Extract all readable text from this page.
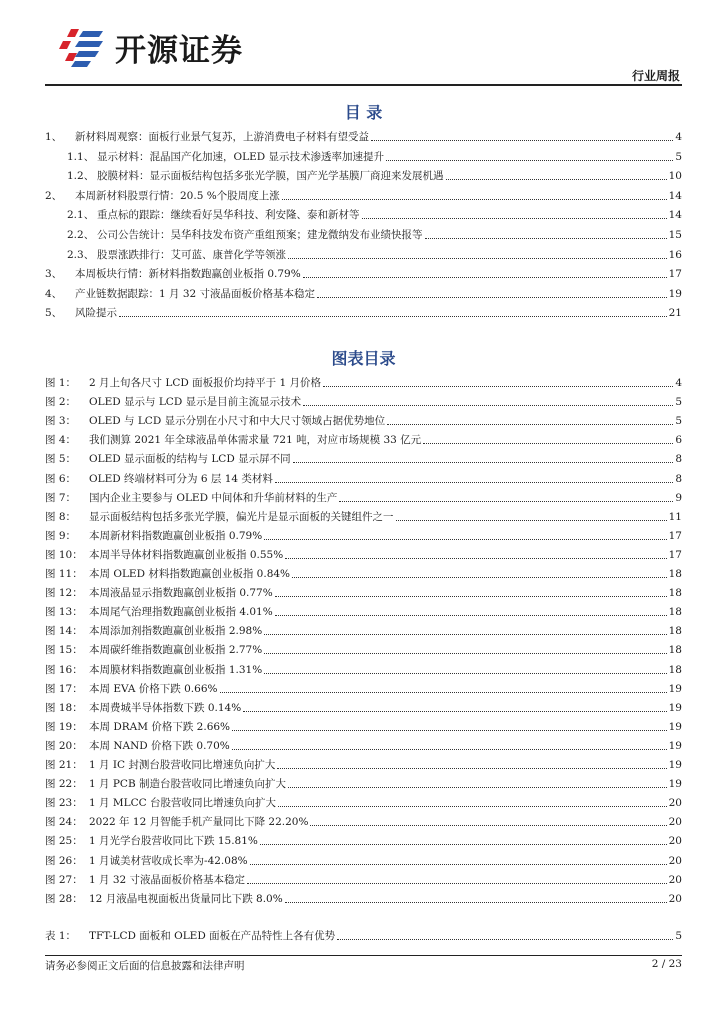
开源证券
行业周报
目 录
1、	新材料周观察：面板行业景气复苏，上游消费电子材料有望受益	4
1.1、 显示材料：混晶国产化加速，OLED 显示技术渗透率加速提升	5
1.2、 胶膜材料：显示面板结构包括多张光学膜，国产光学基膜厂商迎来发展机遇	10
2、	本周新材料股票行情：20.5 %个股周度上涨	14
2.1、 重点标的跟踪：继续看好昊华科技、利安隆、泰和新材等	14
2.2、 公司公告统计：昊华科技发布资产重组预案；建龙微纳发布业绩快报等	15
2.3、 股票涨跌排行：艾可蓝、康普化学等领涨	16
3、	本周板块行情：新材料指数跑赢创业板指 0.79%	17
4、	产业链数据跟踪：1 月 32 寸液晶面板价格基本稳定	19
5、	风险提示	21
图表目录
图 1：	2 月上旬各尺寸 LCD 面板报价均持平于 1 月价格	4
图 2：	OLED 显示与 LCD 显示是目前主流显示技术	5
图 3：	OLED 与 LCD 显示分别在小尺寸和中大尺寸领域占据优势地位	5
图 4：	我们测算 2021 年全球液晶单体需求量 721 吨，对应市场规模 33 亿元	6
图 5：	OLED 显示面板的结构与 LCD 显示屏不同	8
图 6：	OLED 终端材料可分为 6 层 14 类材料	8
图 7：	国内企业主要参与 OLED 中间体和升华前材料的生产	9
图 8：	显示面板结构包括多张光学膜，偏光片是显示面板的关键组件之一	11
图 9：	本周新材料指数跑赢创业板指 0.79%	17
图 10： 本周半导体材料指数跑赢创业板指 0.55%	17
图 11： 本周 OLED 材料指数跑赢创业板指 0.84%	18
图 12： 本周液晶显示指数跑赢创业板指 0.77%	18
图 13： 本周尾气治理指数跑赢创业板指 4.01%	18
图 14： 本周添加剂指数跑赢创业板指 2.98%	18
图 15： 本周碳纤维指数跑赢创业板指 2.77%	18
图 16： 本周膜材料指数跑赢创业板指 1.31%	18
图 17： 本周 EVA 价格下跌 0.66%	19
图 18： 本周费城半导体指数下跌 0.14%	19
图 19： 本周 DRAM 价格下跌 2.66%	19
图 20： 本周 NAND 价格下跌 0.70%	19
图 21： 1 月 IC 封测台股营收同比增速负向扩大	19
图 22： 1 月 PCB 制造台股营收同比增速负向扩大	19
图 23： 1 月 MLCC 台股营收同比增速负向扩大	20
图 24： 2022 年 12 月智能手机产量同比下降 22.20%	20
图 25： 1 月光学台股营收同比下跌 15.81%	20
图 26： 1 月诚美材营收成长率为-42.08%	20
图 27： 1 月 32 寸液晶面板价格基本稳定	20
图 28： 12 月液晶电视面板出货量同比下跌 8.0%	20
表 1：	TFT-LCD 面板和 OLED 面板在产品特性上各有优势	5
请务必参阅正文后面的信息披露和法律声明	2 / 23
